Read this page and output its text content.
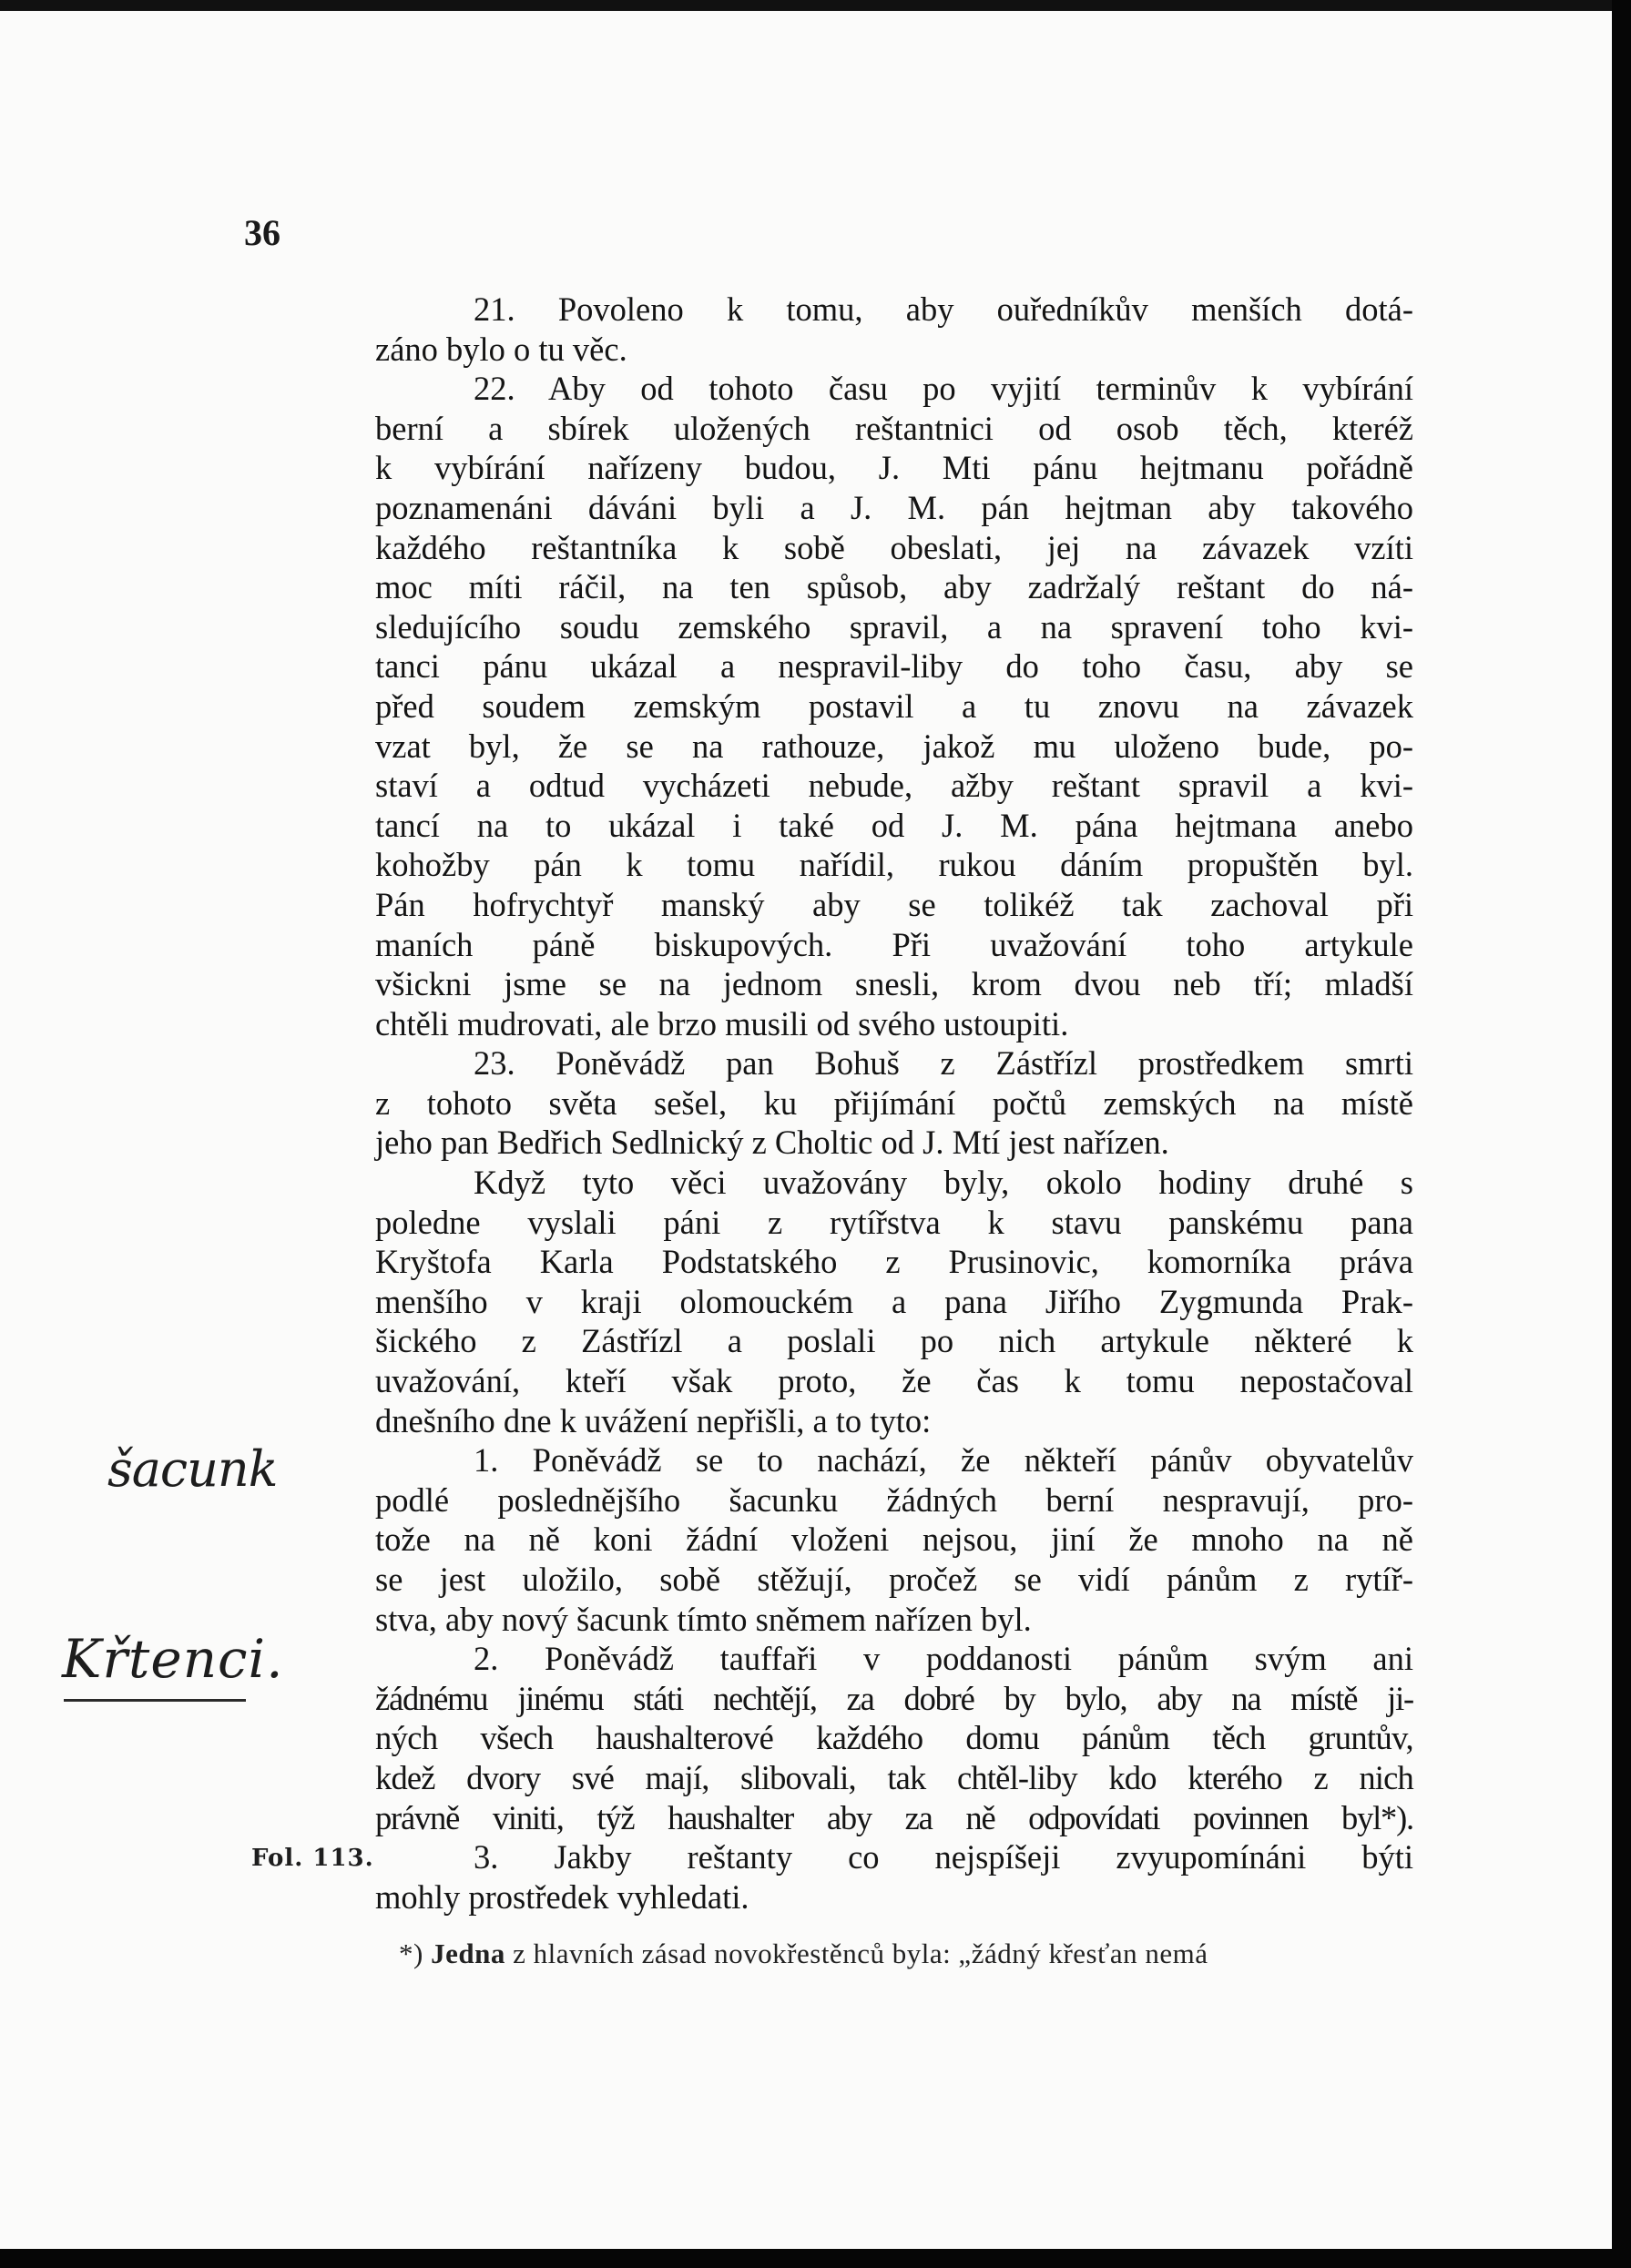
36

21. Povoleno k tomu, aby ouředníkův menších dotá-
záno bylo o tu věc.

22. Aby od tohoto času po vyjití terminův k vybírání
berní a sbírek uložených reštantnici od osob těch, kteréž
k vybírání nařízeny budou, J. Mti pánu hejtmanu pořádně
poznamenáni dáváni byli a J. M. pán hejtman aby takového
každého reštantníka k sobě obeslati, jej na závazek vzíti
moc míti ráčil, na ten spůsob, aby zadržalý reštant do ná-
sledujícího soudu zemského spravil, a na spravení toho kvi-
tanci pánu ukázal a nespravil-liby do toho času, aby se
před soudem zemským postavil a tu znovu na závazek
vzat byl, že se na rathouze, jakož mu uloženo bude, po-
staví a odtud vycházeti nebude, ažby reštant spravil a kvi-
tancí na to ukázal i také od J. M. pána hejtmana anebo
kohožby pán k tomu nařídil, rukou dáním propuštěn byl.
Pán hofrychtyř manský aby se tolikéž tak zachoval při
maních páně biskupových. Při uvažování toho artykule
všickni jsme se na jednom snesli, krom dvou neb tří; mladší
chtěli mudrovati, ale brzo musili od svého ustoupiti.

23. Poněvádž pan Bohuš z Zástřízl prostředkem smrti
z tohoto světa sešel, ku přijímání počtů zemských na místě
jeho pan Bedřich Sedlnický z Choltic od J. Mtí jest nařízen.

Když tyto věci uvažovány byly, okolo hodiny druhé s
poledne vyslali páni z rytířstva k stavu panskému pana
Kryštofa Karla Podstatského z Prusinovic, komorníka práva
menšího v kraji olomouckém a pana Jiřího Zygmunda Prak-
šického z Zástřízl a poslali po nich artykule některé k
uvažování, kteří však proto, že čas k tomu nepostačoval
dnešního dne k uvážení nepřišli, a to tyto:

1. Poněvádž se to nachází, že někteří pánův obyvatelův
podlé poslednějšího šacunku žádných berní nespravují, pro-
tože na ně koni žádní vloženi nejsou, jiní že mnoho na ně
se jest uložilo, sobě stěžují, pročež se vidí pánům z rytíř-
stva, aby nový šacunk tímto sněmem nařízen byl.

2. Poněvádž tauffaři v poddanosti pánům svým ani
žádnému jinému státi nechtějí, za dobré by bylo, aby na místě ji-
ných všech haushalterové každého domu pánům těch gruntův,
kdež dvory své mají, slibovali, tak chtěl-liby kdo kterého z nich
právně viniti, týž haushalter aby za ně odpovídati povinnen byl*).

3. Jakby reštanty co nejspíšeji zvyupomínáni býti
mohly prostředek vyhledati.

*) Jedna z hlavních zásad novokřestěnců byla: „žádný křesťan nemá
šacunk
Křtenci.
Fol. 113.
